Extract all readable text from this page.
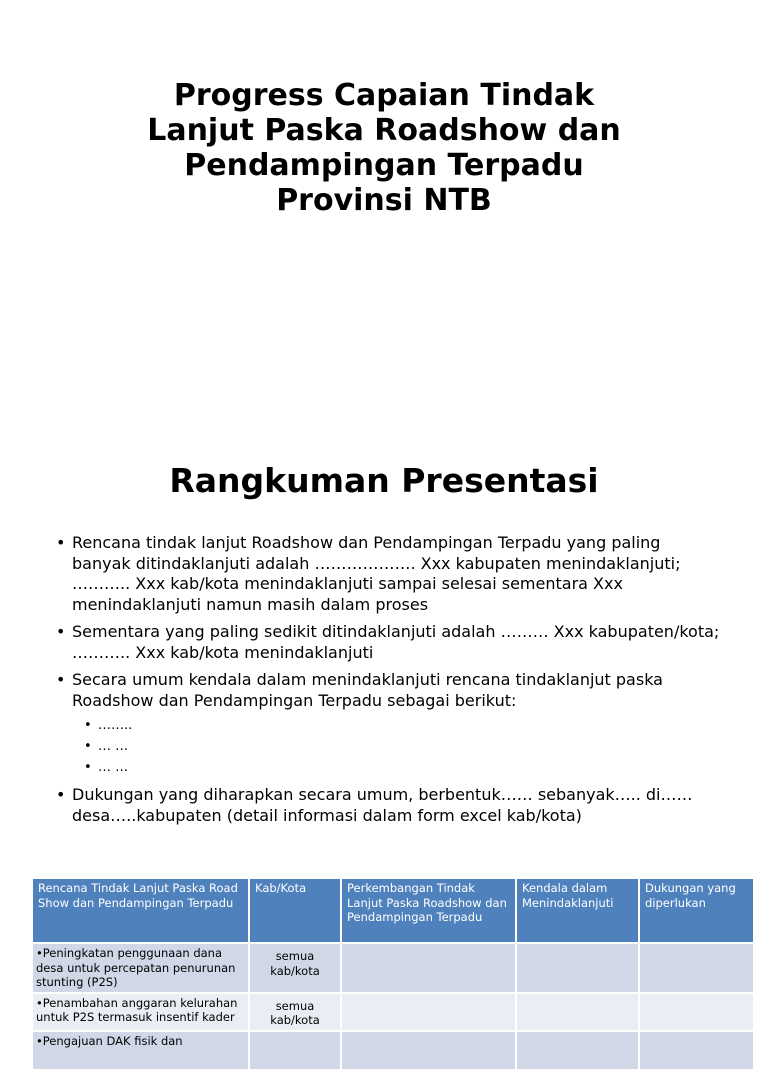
Progress Capaian Tindak
Lanjut Paska Roadshow dan
Pendampingan Terpadu
Provinsi NTB
Rangkuman Presentasi
• Rencana tindak lanjut Roadshow dan Pendampingan Terpadu yang paling banyak ditindaklanjuti adalah ………………. Xxx kabupaten menindaklanjuti; ……….. Xxx kab/kota menindaklanjuti sampai selesai sementara Xxx menindaklanjuti namun masih dalam proses
• Sementara yang paling sedikit ditindaklanjuti adalah ……… Xxx kabupaten/kota; ……….. Xxx kab/kota menindaklanjuti
• Secara umum kendala dalam menindaklanjuti rencana tindaklanjut paska Roadshow dan Pendampingan Terpadu sebagai berikut:
• ……..
• … …
• … …
• Dukungan yang diharapkan secara umum, berbentuk…… sebanyak….. di…… desa…..kabupaten (detail informasi dalam form excel kab/kota)
Rencana Tindak Lanjut Paska Road Show dan Pendampingan Terpadu	Kab/Kota	Perkembangan Tindak Lanjut Paska Roadshow dan Pendampingan Terpadu	Kendala dalam Menindaklanjuti	Dukungan yang diperlukan
•Peningkatan penggunaan dana desa untuk percepatan penurunan stunting (P2S)	semua kab/kota			
•Penambahan anggaran kelurahan untuk P2S termasuk insentif kader	semua kab/kota			
•Pengajuan DAK fisik dan				
